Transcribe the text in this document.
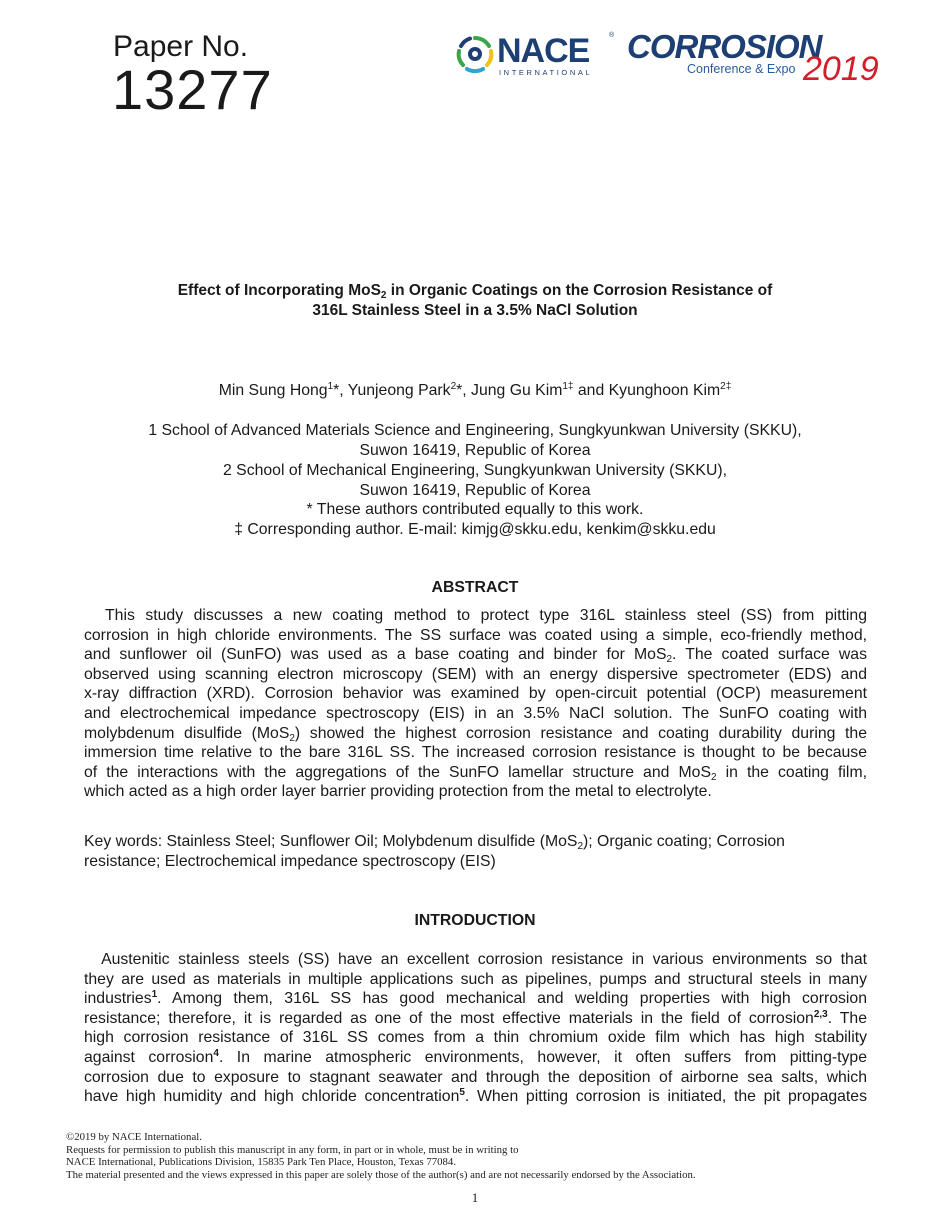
Paper No.
13277
NACE	®
INTERNATIONAL
CORROSION
Conference & Expo 2019
Effect of Incorporating MoS$_2$ in Organic Coatings on the Corrosion Resistance of
316L Stainless Steel in a 3.5% NaCl Solution
Min Sung Hong$^1$*, Yunjeong Park$^2$*, Jung Gu Kim$^{1\ddagger}$ and Kyunghoon Kim$^{2\ddagger}$
1 School of Advanced Materials Science and Engineering, Sungkyunkwan University (SKKU),
Suwon 16419, Republic of Korea
2 School of Mechanical Engineering, Sungkyunkwan University (SKKU),
Suwon 16419, Republic of Korea
* These authors contributed equally to this work.
‡ Corresponding author. E-mail: kimjg@skku.edu, kenkim@skku.edu
ABSTRACT
This study discusses a new coating method to protect type 316L stainless steel (SS) from pitting
corrosion in high chloride environments. The SS surface was coated using a simple, eco-friendly method,
and sunflower oil (SunFO) was used as a base coating and binder for MoS$_2$. The coated surface was
observed using scanning electron microscopy (SEM) with an energy dispersive spectrometer (EDS) and
x-ray diffraction (XRD). Corrosion behavior was examined by open-circuit potential (OCP) measurement
and electrochemical impedance spectroscopy (EIS) in an 3.5% NaCl solution. The SunFO coating with
molybdenum disulfide (MoS$_2$) showed the highest corrosion resistance and coating durability during the
immersion time relative to the bare 316L SS. The increased corrosion resistance is thought to be because
of the interactions with the aggregations of the SunFO lamellar structure and MoS$_2$ in the coating film,
which acted as a high order layer barrier providing protection from the metal to electrolyte.
Key words: Stainless Steel; Sunflower Oil; Molybdenum disulfide (MoS$_2$); Organic coating; Corrosion
resistance; Electrochemical impedance spectroscopy (EIS)
INTRODUCTION
Austenitic stainless steels (SS) have an excellent corrosion resistance in various environments so that
they are used as materials in multiple applications such as pipelines, pumps and structural steels in many
industries$^1$. Among them, 316L SS has good mechanical and welding properties with high corrosion
resistance; therefore, it is regarded as one of the most effective materials in the field of corrosion$^{2,3}$. The
high corrosion resistance of 316L SS comes from a thin chromium oxide film which has high stability
against corrosion$^4$. In marine atmospheric environments, however, it often suffers from pitting-type
corrosion due to exposure to stagnant seawater and through the deposition of airborne sea salts, which
have high humidity and high chloride concentration$^5$. When pitting corrosion is initiated, the pit propagates
©2019 by NACE International.
Requests for permission to publish this manuscript in any form, in part or in whole, must be in writing to
NACE International, Publications Division, 15835 Park Ten Place, Houston, Texas 77084.
The material presented and the views expressed in this paper are solely those of the author(s) and are not necessarily endorsed by the Association.
1
